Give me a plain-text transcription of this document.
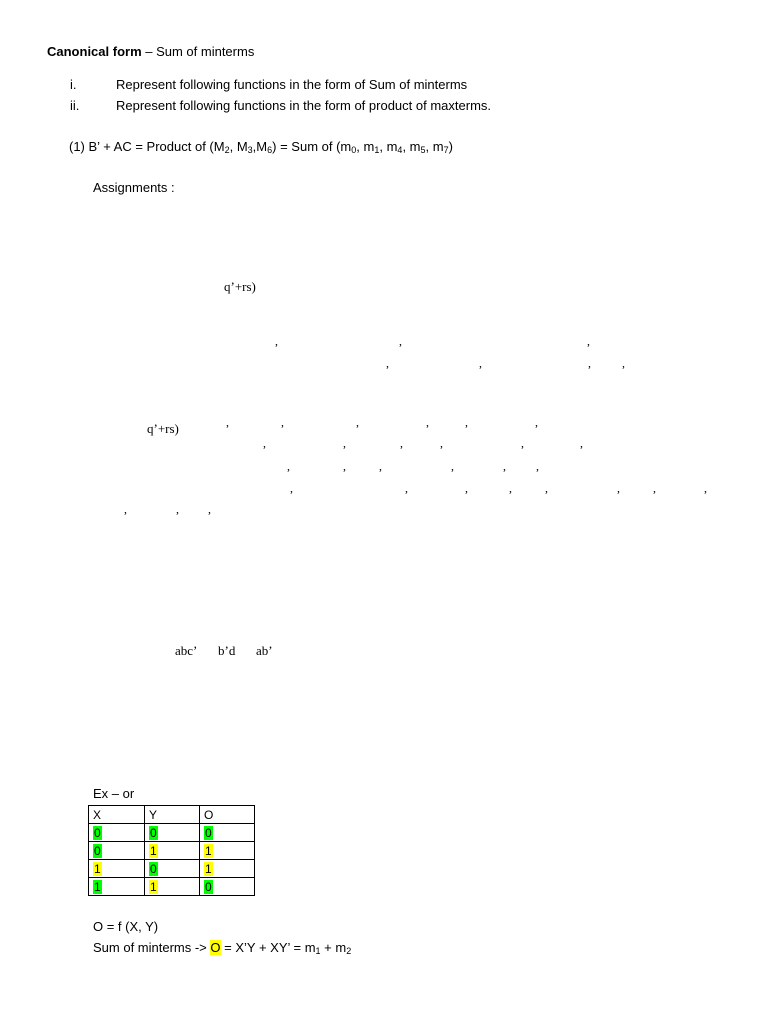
Canonical form – Sum of minterms
i.	Represent following functions in the form of Sum of minterms
ii.	Represent following functions in the form of product of maxterms.
(1) B’ + AC = Product of ($M_2$, $M_3,M_6$) = Sum of ($m_0$, $m_1$, $m_4$, $m_5$, $m_7$)
Assignments :
q’+rs)
q’+rs)
abc’ b’d ab’
,	,	,
,	,	,	,
,	,	,	,	,	,
,	,	,	,	,	,
,	,	,	,	,	,
,	,	,	,	,	,	,	,
,	, ,
Ex – or
X	Y	O
0	0	0
0	1	1
1	0	1
1	1	0
O = f (X, Y)
Sum of minterms -> O = X’Y + XY’ = $m_1 + m_2$
